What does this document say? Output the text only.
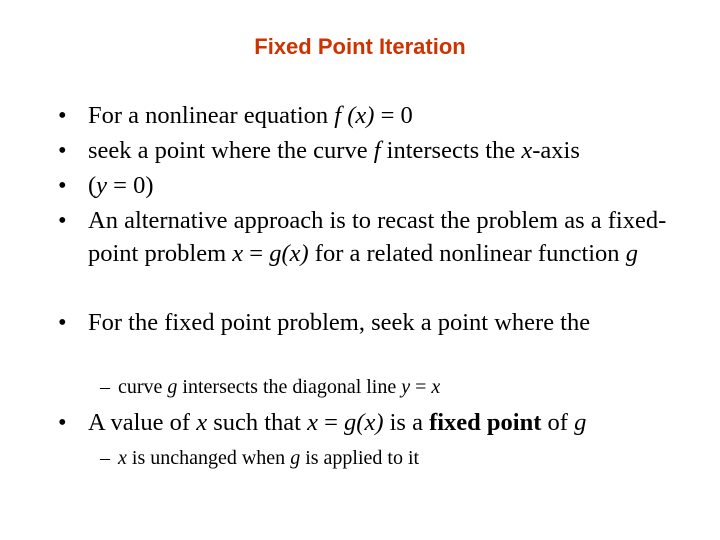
Fixed Point Iteration
• For a nonlinear equation f (x) = 0
• seek a point where the curve f intersects the x-axis
• (y = 0)
• An alternative approach is to recast the problem as a fixed-point problem x = g(x) for a related nonlinear function g
• For the fixed point problem, seek a point where the
– curve g intersects the diagonal line y = x
• A value of x such that x = g(x) is a fixed point of g
– x is unchanged when g is applied to it
